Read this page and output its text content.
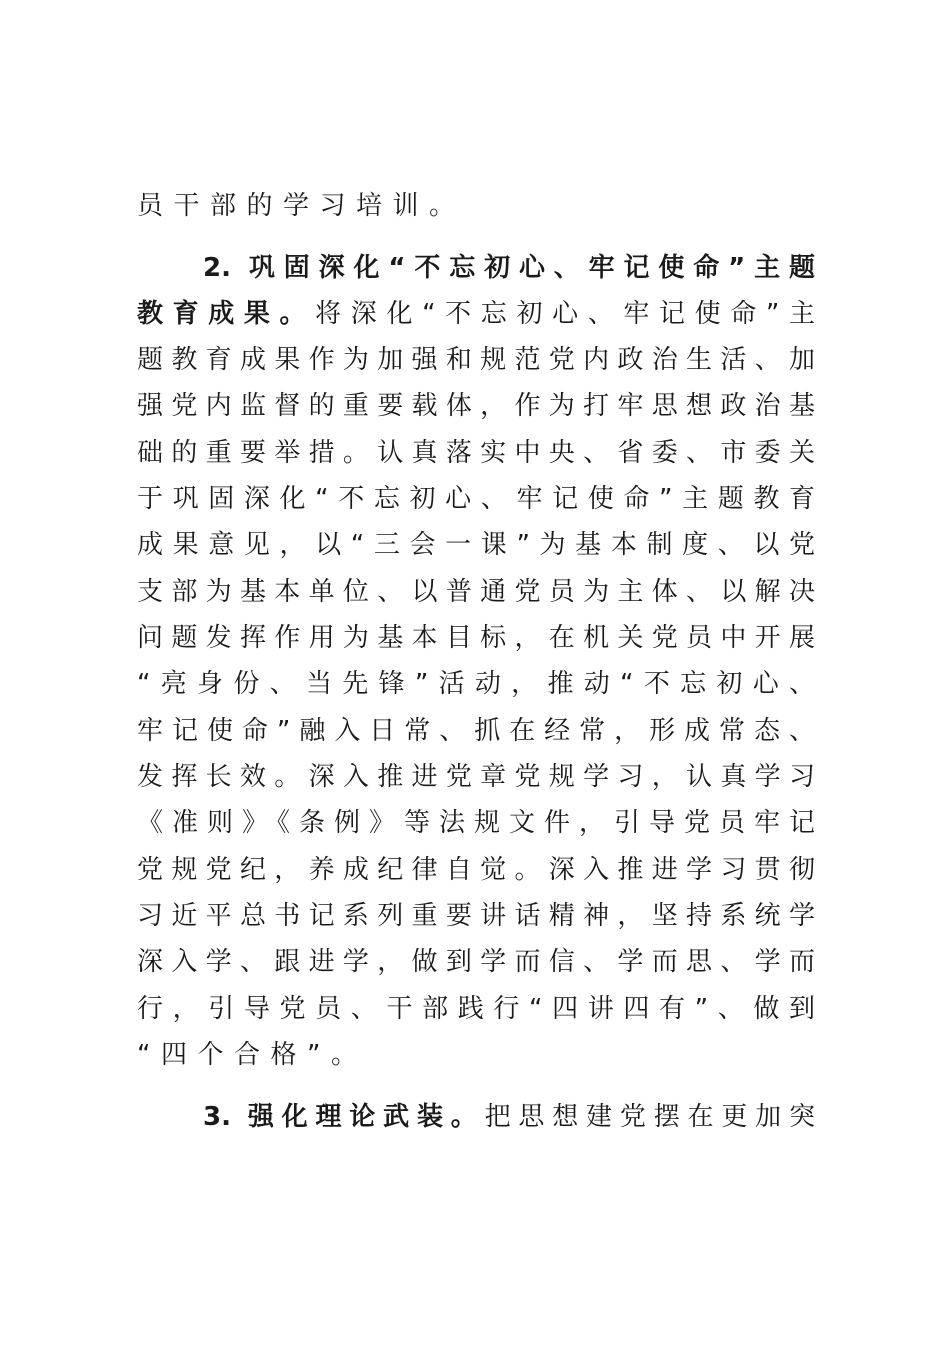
员干部的学习培训。
2. 巩固深化“不忘初心、牢记使命”主题
教育成果。将深化“不忘初心、牢记使命”主
题教育成果作为加强和规范党内政治生活、加
强党内监督的重要载体，作为打牢思想政治基
础的重要举措。认真落实中央、省委、市委关
于巩固深化“不忘初心、牢记使命”主题教育
成果意见，以“三会一课”为基本制度、以党
支部为基本单位、以普通党员为主体、以解决
问题发挥作用为基本目标，在机关党员中开展
“亮身份、当先锋”活动，推动“不忘初心、
牢记使命”融入日常、抓在经常，形成常态、
发挥长效。深入推进党章党规学习，认真学习
《准则》《条例》等法规文件，引导党员牢记
党规党纪，养成纪律自觉。深入推进学习贯彻
习近平总书记系列重要讲话精神，坚持系统学
深入学、跟进学，做到学而信、学而思、学而
行，引导党员、干部践行“四讲四有”、做到
“四个合格”。
3. 强化理论武装。把思想建党摆在更加突
